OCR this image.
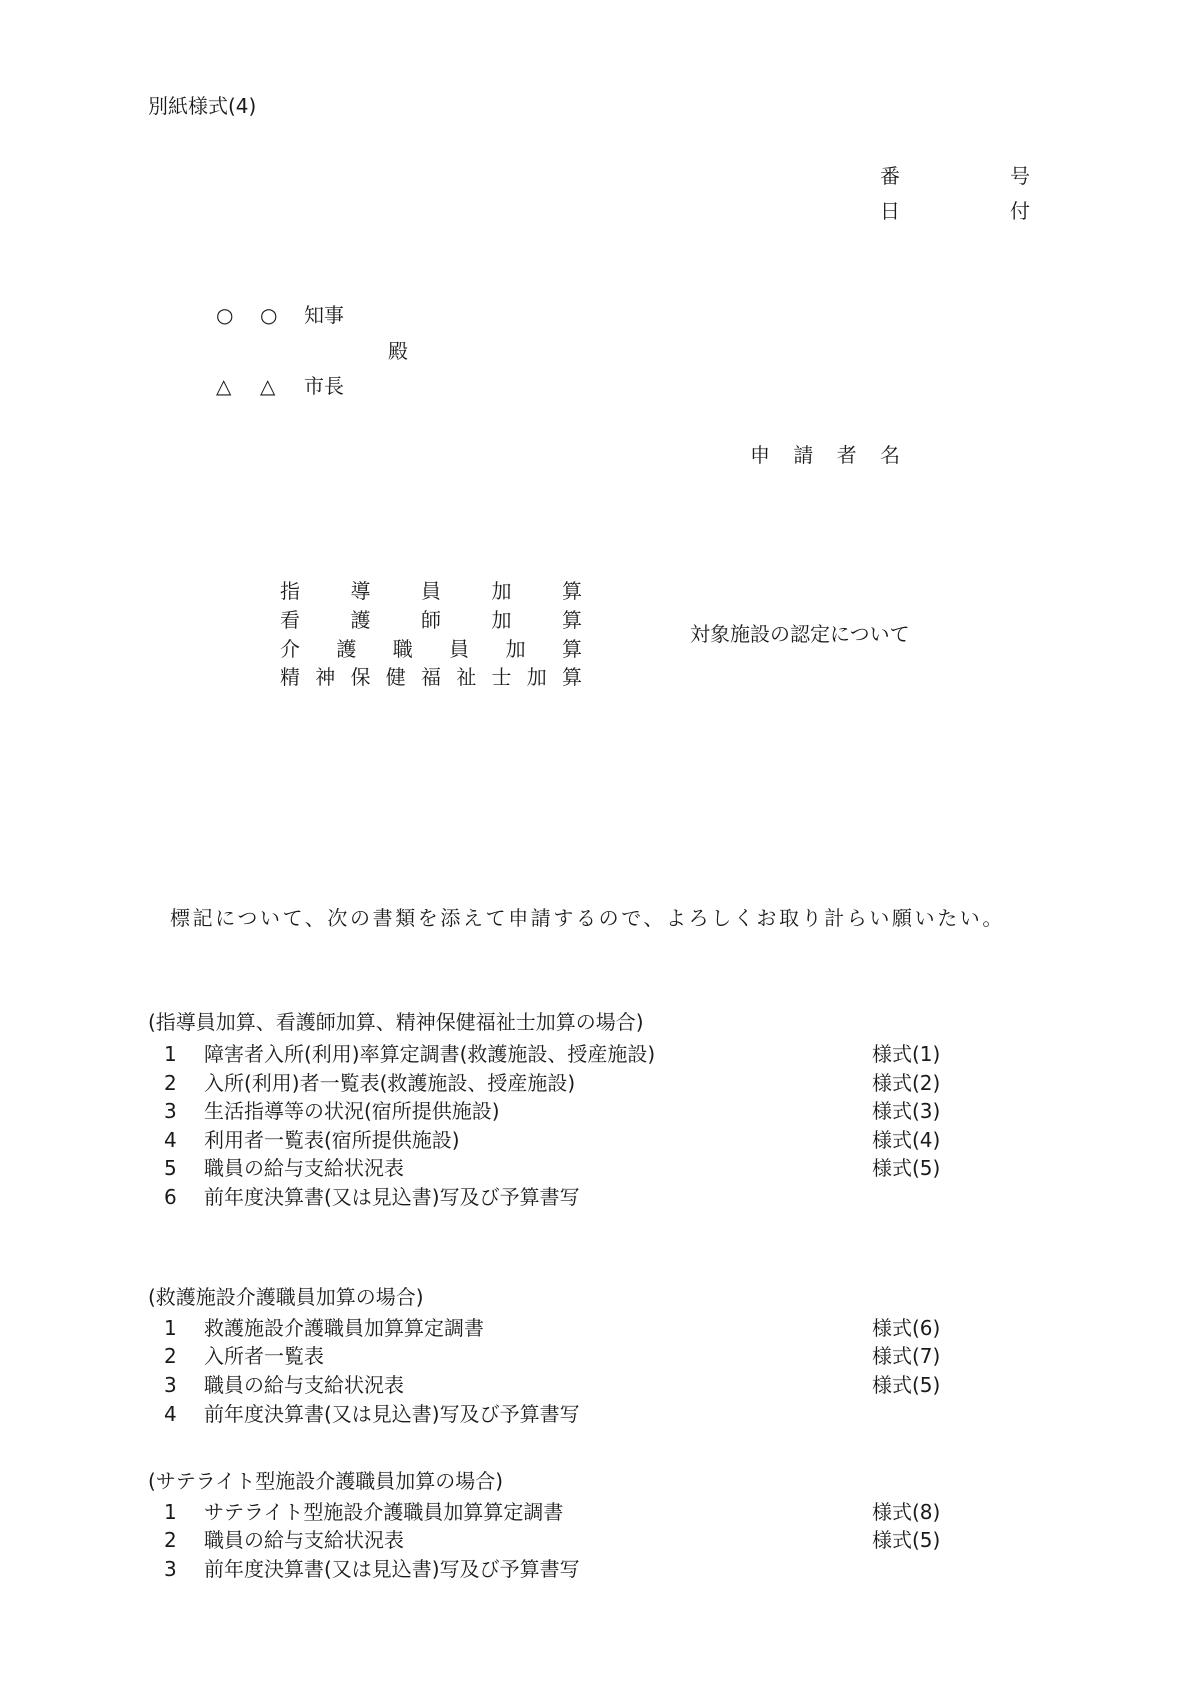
別紙様式(4)
番	号
日	付
○ ○ 知事
殿
△ △ 市長
申 請 者 名
指	導	員	加	算
看	護	師	加	算
介 護 職 員 加 算
精 神 保 健 福 祉 士 加 算
対象施設の認定について
標記について、次の書類を添えて申請するので、よろしくお取り計らい願いたい。
(指導員加算、看護師加算、精神保健福祉士加算の場合)
1 障害者入所(利用)率算定調書(救護施設、授産施設)	様式(1)
2 入所(利用)者一覧表(救護施設、授産施設)	様式(2)
3 生活指導等の状況(宿所提供施設)	様式(3)
4 利用者一覧表(宿所提供施設)	様式(4)
5 職員の給与支給状況表	様式(5)
6 前年度決算書(又は見込書)写及び予算書写
(救護施設介護職員加算の場合)
1 救護施設介護職員加算算定調書	様式(6)
2 入所者一覧表	様式(7)
3 職員の給与支給状況表	様式(5)
4 前年度決算書(又は見込書)写及び予算書写
(サテライト型施設介護職員加算の場合)
1 サテライト型施設介護職員加算算定調書	様式(8)
2 職員の給与支給状況表	様式(5)
3 前年度決算書(又は見込書)写及び予算書写
